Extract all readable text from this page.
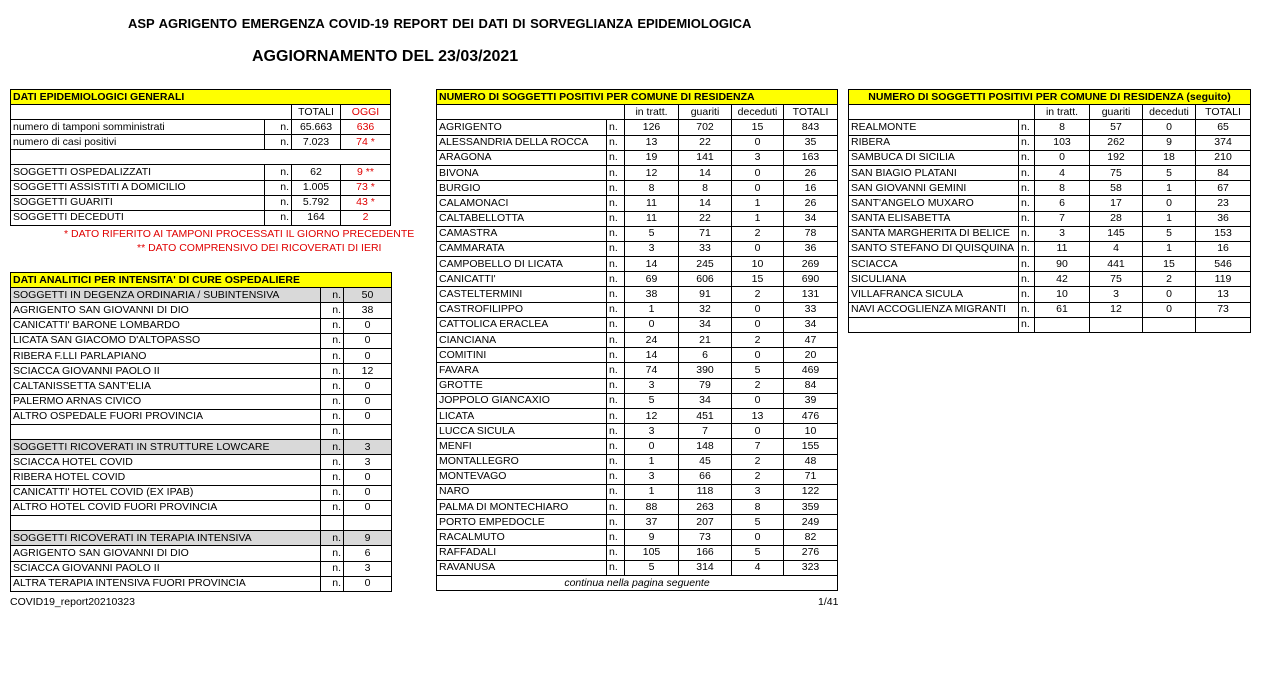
ASP AGRIGENTO EMERGENZA COVID-19 REPORT DEI DATI DI SORVEGLIANZA EPIDEMIOLOGICA
AGGIORNAMENTO DEL 23/03/2021
DATI EPIDEMIOLOGICI GENERALI			
		TOTALI	OGGI
numero di tamponi somministrati	n.	65.663	636
numero di casi positivi	n.	7.023	74 *

SOGGETTI OSPEDALIZZATI	n.	62	9 **
SOGGETTI ASSISTITI A DOMICILIO	n.	1.005	73 *
SOGGETTI GUARITI	n.	5.792	43 *
SOGGETTI DECEDUTI	n.	164	2
* DATO RIFERITO AI TAMPONI PROCESSATI IL GIORNO PRECEDENTE
** DATO COMPRENSIVO DEI RICOVERATI DI IERI
DATI ANALITICI PER INTENSITA' DI CURE OSPEDALIERE		
SOGGETTI IN DEGENZA ORDINARIA / SUBINTENSIVA	n.	50
AGRIGENTO SAN GIOVANNI DI DIO	n.	38
CANICATTI' BARONE LOMBARDO	n.	0
LICATA SAN GIACOMO D'ALTOPASSO	n.	0
RIBERA F.LLI PARLAPIANO	n.	0
SCIACCA GIOVANNI PAOLO II	n.	12
CALTANISSETTA SANT'ELIA	n.	0
PALERMO ARNAS CIVICO	n.	0
ALTRO OSPEDALE FUORI PROVINCIA	n.	0
	n.	
SOGGETTI RICOVERATI IN STRUTTURE LOWCARE	n.	3
SCIACCA HOTEL COVID	n.	3
RIBERA HOTEL COVID	n.	0
CANICATTI' HOTEL COVID (EX IPAB)	n.	0
ALTRO HOTEL COVID FUORI PROVINCIA	n.	0

SOGGETTI RICOVERATI IN TERAPIA INTENSIVA	n.	9
AGRIGENTO SAN GIOVANNI DI DIO	n.	6
SCIACCA GIOVANNI PAOLO II	n.	3
ALTRA TERAPIA INTENSIVA FUORI PROVINCIA	n.	0
NUMERO DI SOGGETTI POSITIVI PER COMUNE DI RESIDENZA					
		in tratt.	guariti	deceduti	TOTALI
AGRIGENTO	n.	126	702	15	843
ALESSANDRIA DELLA ROCCA	n.	13	22	0	35
ARAGONA	n.	19	141	3	163
BIVONA	n.	12	14	0	26
BURGIO	n.	8	8	0	16
CALAMONACI	n.	11	14	1	26
CALTABELLOTTA	n.	11	22	1	34
CAMASTRA	n.	5	71	2	78
CAMMARATA	n.	3	33	0	36
CAMPOBELLO DI LICATA	n.	14	245	10	269
CANICATTI'	n.	69	606	15	690
CASTELTERMINI	n.	38	91	2	131
CASTROFILIPPO	n.	1	32	0	33
CATTOLICA ERACLEA	n.	0	34	0	34
CIANCIANA	n.	24	21	2	47
COMITINI	n.	14	6	0	20
FAVARA	n.	74	390	5	469
GROTTE	n.	3	79	2	84
JOPPOLO GIANCAXIO	n.	5	34	0	39
LICATA	n.	12	451	13	476
LUCCA SICULA	n.	3	7	0	10
MENFI	n.	0	148	7	155
MONTALLEGRO	n.	1	45	2	48
MONTEVAGO	n.	3	66	2	71
NARO	n.	1	118	3	122
PALMA DI MONTECHIARO	n.	88	263	8	359
PORTO EMPEDOCLE	n.	37	207	5	249
RACALMUTO	n.	9	73	0	82
RAFFADALI	n.	105	166	5	276
RAVANUSA	n.	5	314	4	323
continua nella pagina seguente					
NUMERO DI SOGGETTI POSITIVI PER COMUNE DI RESIDENZA (seguito)					
		in tratt.	guariti	deceduti	TOTALI
REALMONTE	n.	8	57	0	65
RIBERA	n.	103	262	9	374
SAMBUCA DI SICILIA	n.	0	192	18	210
SAN BIAGIO PLATANI	n.	4	75	5	84
SAN GIOVANNI GEMINI	n.	8	58	1	67
SANT'ANGELO MUXARO	n.	6	17	0	23
SANTA ELISABETTA	n.	7	28	1	36
SANTA MARGHERITA DI BELICE	n.	3	145	5	153
SANTO STEFANO DI QUISQUINA	n.	11	4	1	16
SCIACCA	n.	90	441	15	546
SICULIANA	n.	42	75	2	119
VILLAFRANCA SICULA	n.	10	3	0	13
NAVI ACCOGLIENZA MIGRANTI	n.	61	12	0	73
	n.				
COVID19_report20210323	1/41
